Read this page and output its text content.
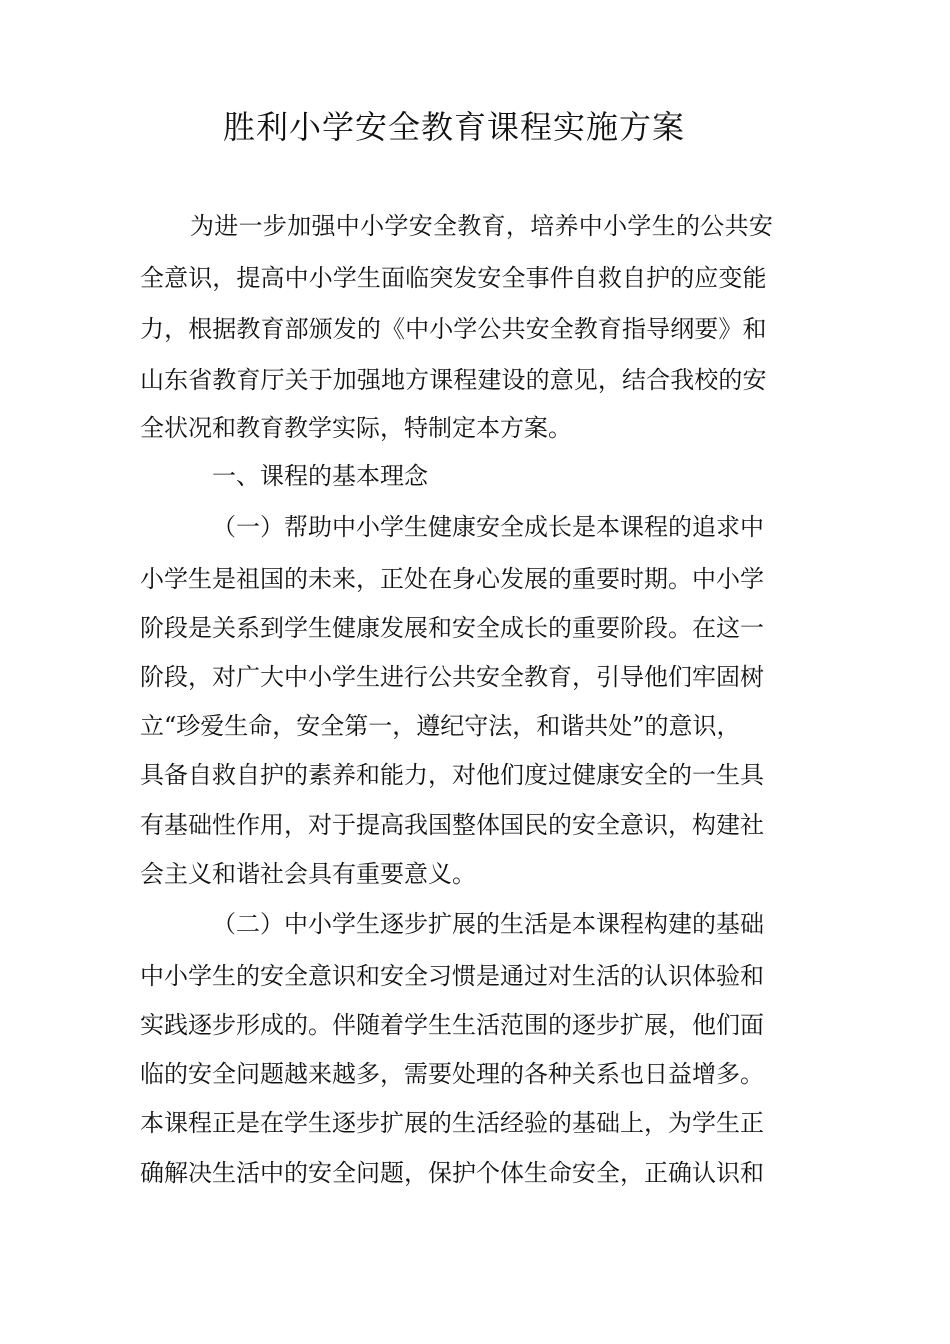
胜利小学安全教育课程实施方案
为进一步加强中小学安全教育，培养中小学生的公共安
全意识，提高中小学生面临突发安全事件自救自护的应变能
力，根据教育部颁发的《中小学公共安全教育指导纲要》和
山东省教育厅关于加强地方课程建设的意见，结合我校的安
全状况和教育教学实际，特制定本方案。
一、课程的基本理念
（一）帮助中小学生健康安全成长是本课程的追求中
小学生是祖国的未来，正处在身心发展的重要时期。中小学
阶段是关系到学生健康发展和安全成长的重要阶段。在这一
阶段，对广大中小学生进行公共安全教育，引导他们牢固树
立“珍爱生命，安全第一，遵纪守法，和谐共处”的意识，
具备自救自护的素养和能力，对他们度过健康安全的一生具
有基础性作用，对于提高我国整体国民的安全意识，构建社
会主义和谐社会具有重要意义。
（二）中小学生逐步扩展的生活是本课程构建的基础
中小学生的安全意识和安全习惯是通过对生活的认识体验和
实践逐步形成的。伴随着学生生活范围的逐步扩展，他们面
临的安全问题越来越多，需要处理的各种关系也日益增多。
本课程正是在学生逐步扩展的生活经验的基础上，为学生正
确解决生活中的安全问题，保护个体生命安全，正确认识和
